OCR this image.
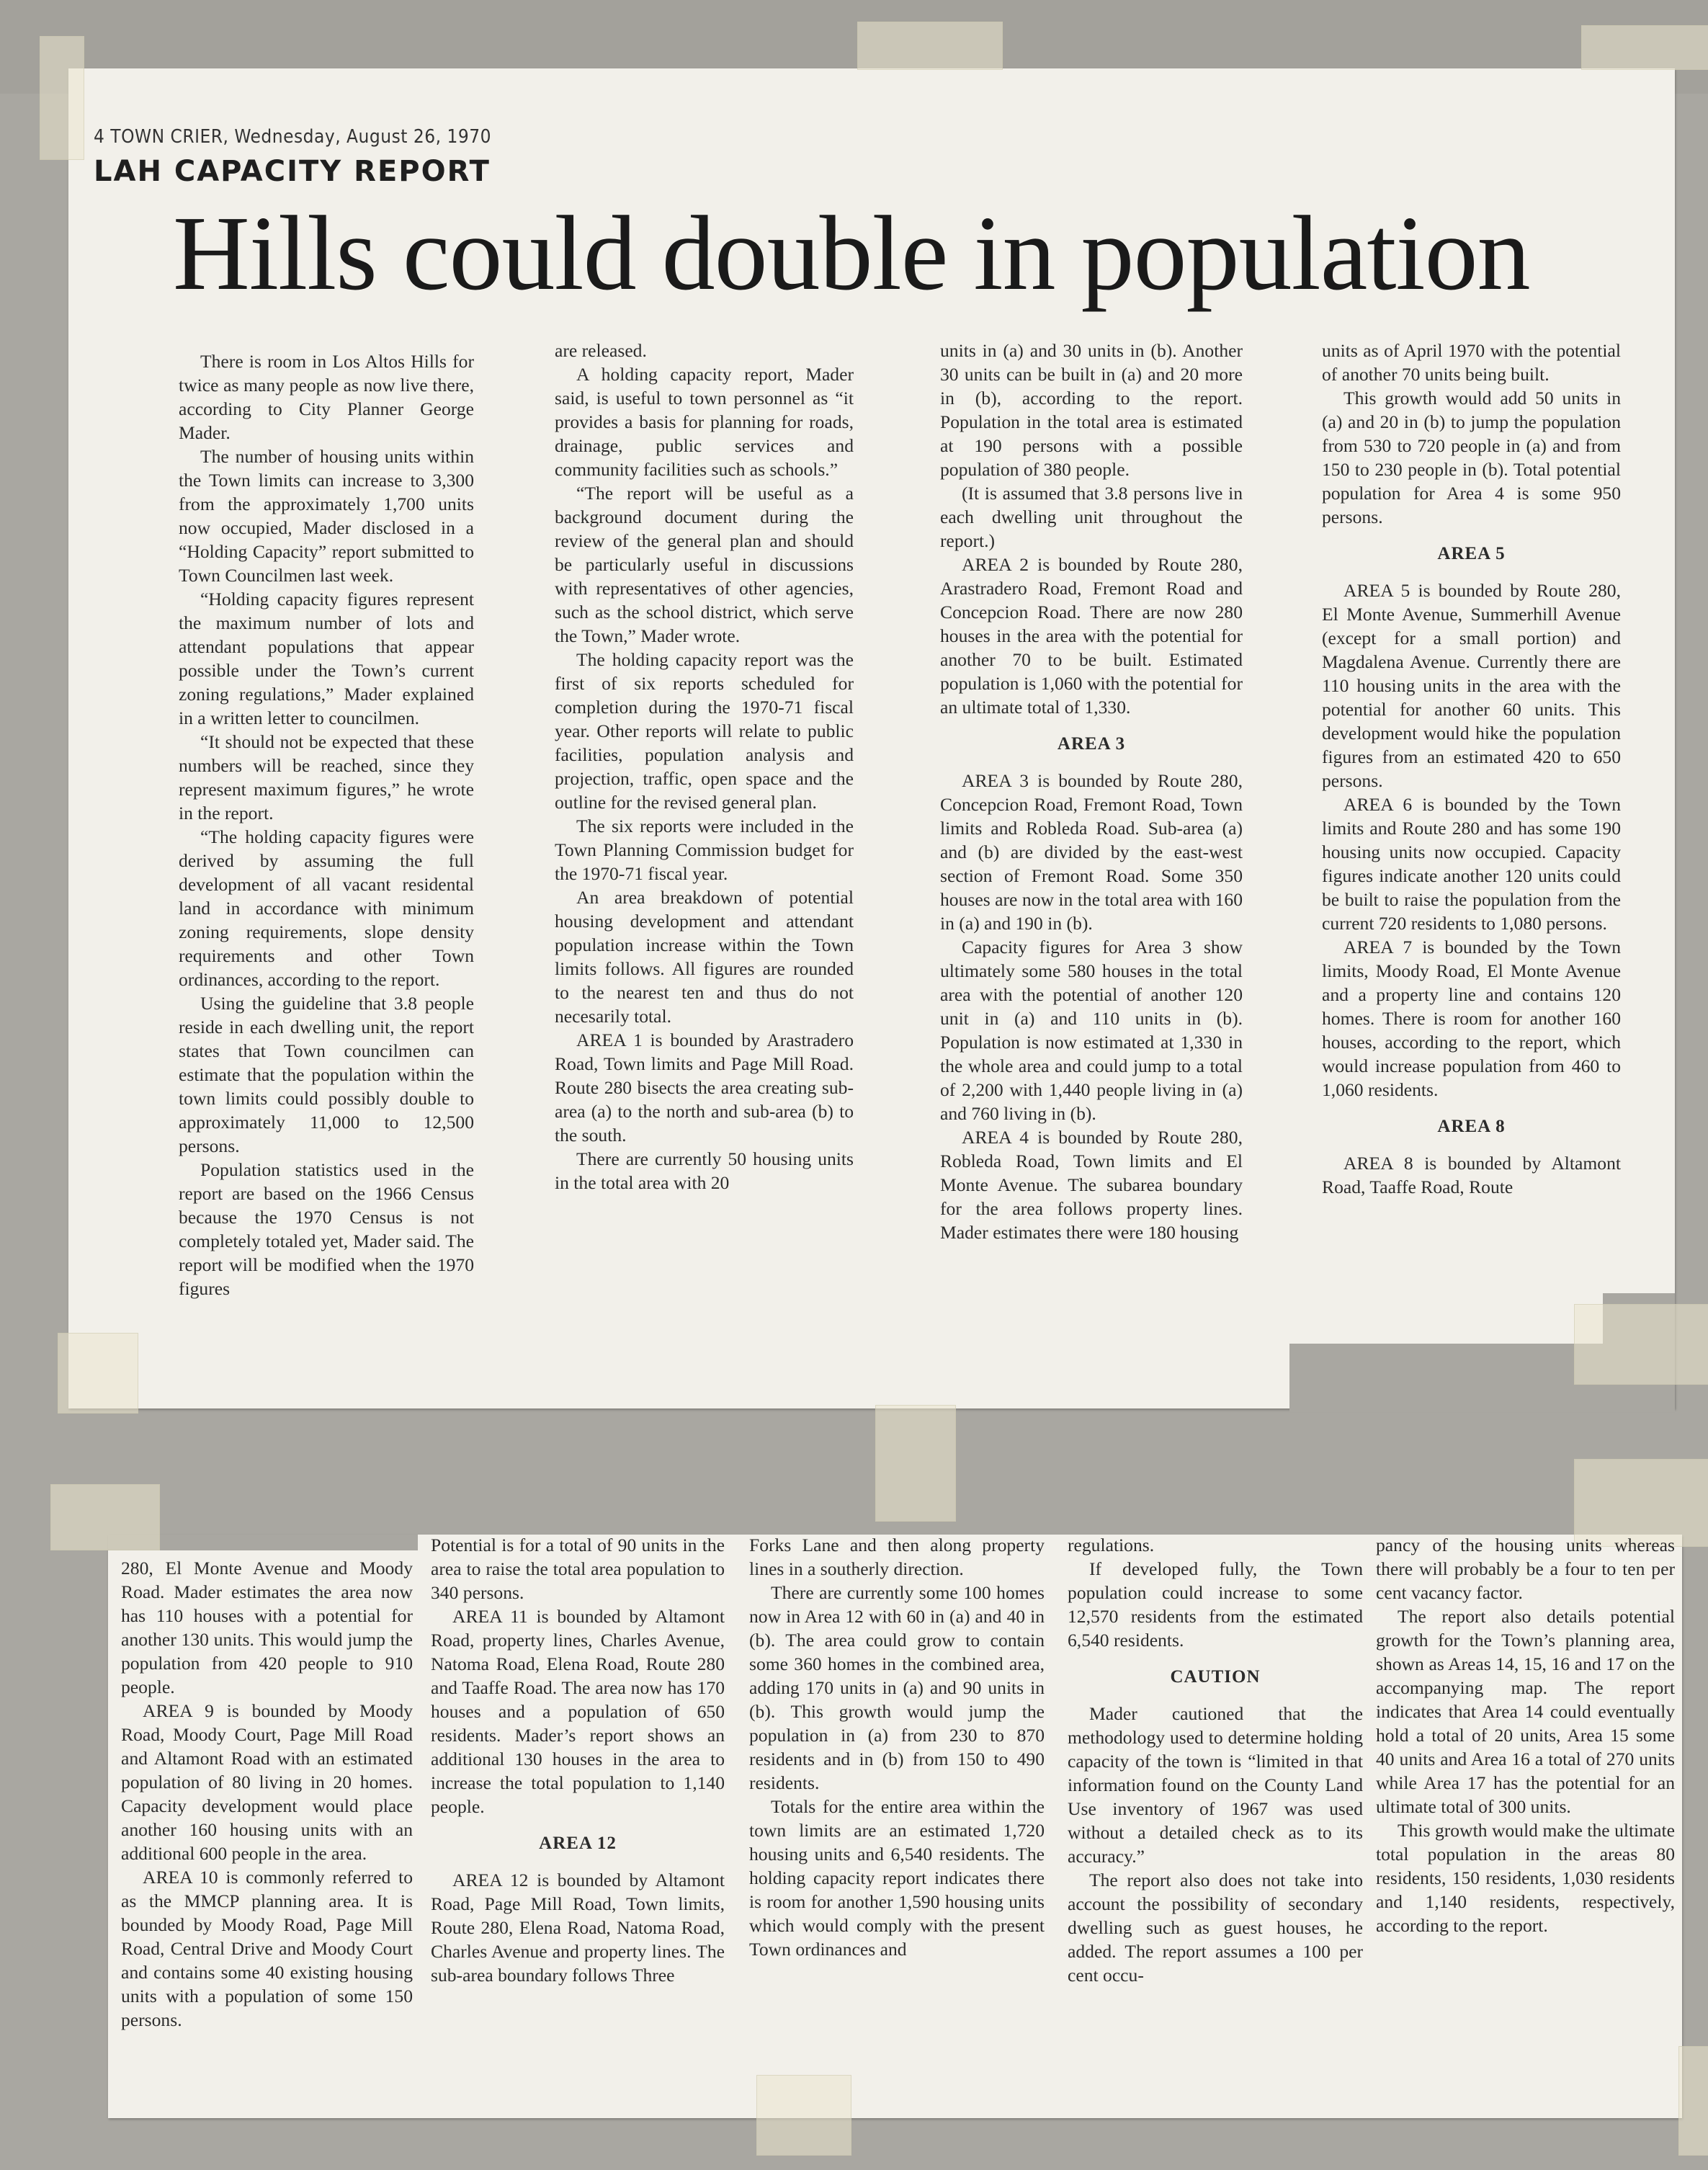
4 TOWN CRIER, Wednesday, August 26, 1970
LAH CAPACITY REPORT
Hills could double in population

There is room in Los Altos Hills for twice as many people as now live there, according to City Planner George Mader.

The number of housing units within the Town limits can increase to 3,300 from the approximately 1,700 units now occupied, Mader disclosed in a “Holding Capacity” report submitted to Town Councilmen last week.

“Holding capacity figures represent the maximum number of lots and attendant populations that appear possible under the Town’s current zoning regulations,” Mader explained in a written letter to councilmen.

“It should not be expected that these numbers will be reached, since they represent maximum figures,” he wrote in the report.

“The holding capacity figures were derived by assuming the full development of all vacant residental land in accordance with minimum zoning requirements, slope density requirements and other Town ordinances, according to the report.

Using the guideline that 3.8 people reside in each dwelling unit, the report states that Town councilmen can estimate that the population within the town limits could possibly double to approximately 11,000 to 12,500 persons.

Population statistics used in the report are based on the 1966 Census because the 1970 Census is not completely totaled yet, Mader said. The report will be modified when the 1970 figures

are released.

A holding capacity report, Mader said, is useful to town personnel as “it provides a basis for planning for roads, drainage, public services and community facilities such as schools.”

“The report will be useful as a background document during the review of the general plan and should be particularly useful in discussions with representatives of other agencies, such as the school district, which serve the Town,” Mader wrote.

The holding capacity report was the first of six reports scheduled for completion during the 1970-71 fiscal year. Other reports will relate to public facilities, population analysis and projection, traffic, open space and the outline for the revised general plan.

The six reports were included in the Town Planning Commission budget for the 1970-71 fiscal year.

An area breakdown of potential housing development and attendant population increase within the Town limits follows. All figures are rounded to the nearest ten and thus do not necesarily total.

AREA 1 is bounded by Arastradero Road, Town limits and Page Mill Road. Route 280 bisects the area creating sub-area (a) to the north and sub-area (b) to the south.

There are currently 50 housing units in the total area with 20

units in (a) and 30 units in (b). Another 30 units can be built in (a) and 20 more in (b), according to the report. Population in the total area is estimated at 190 persons with a possible population of 380 people.

(It is assumed that 3.8 persons live in each dwelling unit throughout the report.)

AREA 2 is bounded by Route 280, Arastradero Road, Fremont Road and Concepcion Road. There are now 280 houses in the area with the potential for another 70 to be built. Estimated population is 1,060 with the potential for an ultimate total of 1,330.

AREA 3

AREA 3 is bounded by Route 280, Concepcion Road, Fremont Road, Town limits and Robleda Road. Sub-area (a) and (b) are divided by the east-west section of Fremont Road. Some 350 houses are now in the total area with 160 in (a) and 190 in (b).

Capacity figures for Area 3 show ultimately some 580 houses in the total area with the potential of another 120 unit in (a) and 110 units in (b). Population is now estimated at 1,330 in the whole area and could jump to a total of 2,200 with 1,440 people living in (a) and 760 living in (b).

AREA 4 is bounded by Route 280, Robleda Road, Town limits and El Monte Avenue. The subarea boundary for the area follows property lines. Mader estimates there were 180 housing

units as of April 1970 with the potential of another 70 units being built.

This growth would add 50 units in (a) and 20 in (b) to jump the population from 530 to 720 people in (a) and from 150 to 230 people in (b). Total potential population for Area 4 is some 950 persons.

AREA 5

AREA 5 is bounded by Route 280, El Monte Avenue, Summerhill Avenue (except for a small portion) and Magdalena Avenue. Currently there are 110 housing units in the area with the potential for another 60 units. This development would hike the population figures from an estimated 420 to 650 persons.

AREA 6 is bounded by the Town limits and Route 280 and has some 190 housing units now occupied. Capacity figures indicate another 120 units could be built to raise the population from the current 720 residents to 1,080 persons.

AREA 7 is bounded by the Town limits, Moody Road, El Monte Avenue and a property line and contains 120 homes. There is room for another 160 houses, according to the report, which would increase population from 460 to 1,060 residents.

AREA 8

AREA 8 is bounded by Altamont Road, Taaffe Road, Route

280, El Monte Avenue and Moody Road. Mader estimates the area now has 110 houses with a potential for another 130 units. This would jump the population from 420 people to 910 people.

AREA 9 is bounded by Moody Road, Moody Court, Page Mill Road and Altamont Road with an estimated population of 80 living in 20 homes. Capacity development would place another 160 housing units with an additional 600 people in the area.

AREA 10 is commonly referred to as the MMCP planning area. It is bounded by Moody Road, Page Mill Road, Central Drive and Moody Court and contains some 40 existing housing units with a population of some 150 persons.

Potential is for a total of 90 units in the area to raise the total area population to 340 persons.

AREA 11 is bounded by Altamont Road, property lines, Charles Avenue, Natoma Road, Elena Road, Route 280 and Taaffe Road. The area now has 170 houses and a population of 650 residents. Mader’s report shows an additional 130 houses in the area to increase the total population to 1,140 people.

AREA 12

AREA 12 is bounded by Altamont Road, Page Mill Road, Town limits, Route 280, Elena Road, Natoma Road, Charles Avenue and property lines. The sub-area boundary follows Three

Forks Lane and then along property lines in a southerly direction.

There are currently some 100 homes now in Area 12 with 60 in (a) and 40 in (b). The area could grow to contain some 360 homes in the combined area, adding 170 units in (a) and 90 units in (b). This growth would jump the population in (a) from 230 to 870 residents and in (b) from 150 to 490 residents.

Totals for the entire area within the town limits are an estimated 1,720 housing units and 6,540 residents. The holding capacity report indicates there is room for another 1,590 housing units which would comply with the present Town ordinances and

regulations.

If developed fully, the Town population could increase to some 12,570 residents from the estimated 6,540 residents.

CAUTION

Mader cautioned that the methodology used to determine holding capacity of the town is “limited in that information found on the County Land Use inventory of 1967 was used without a detailed check as to its accuracy.”

The report also does not take into account the possibility of secondary dwelling such as guest houses, he added. The report assumes a 100 per cent occu-

pancy of the housing units whereas there will probably be a four to ten per cent vacancy factor.

The report also details potential growth for the Town’s planning area, shown as Areas 14, 15, 16 and 17 on the accompanying map. The report indicates that Area 14 could eventually hold a total of 20 units, Area 15 some 40 units and Area 16 a total of 270 units while Area 17 has the potential for an ultimate total of 300 units.

This growth would make the ultimate total population in the areas 80 residents, 150 residents, 1,030 residents and 1,140 residents, respectively, according to the report.
